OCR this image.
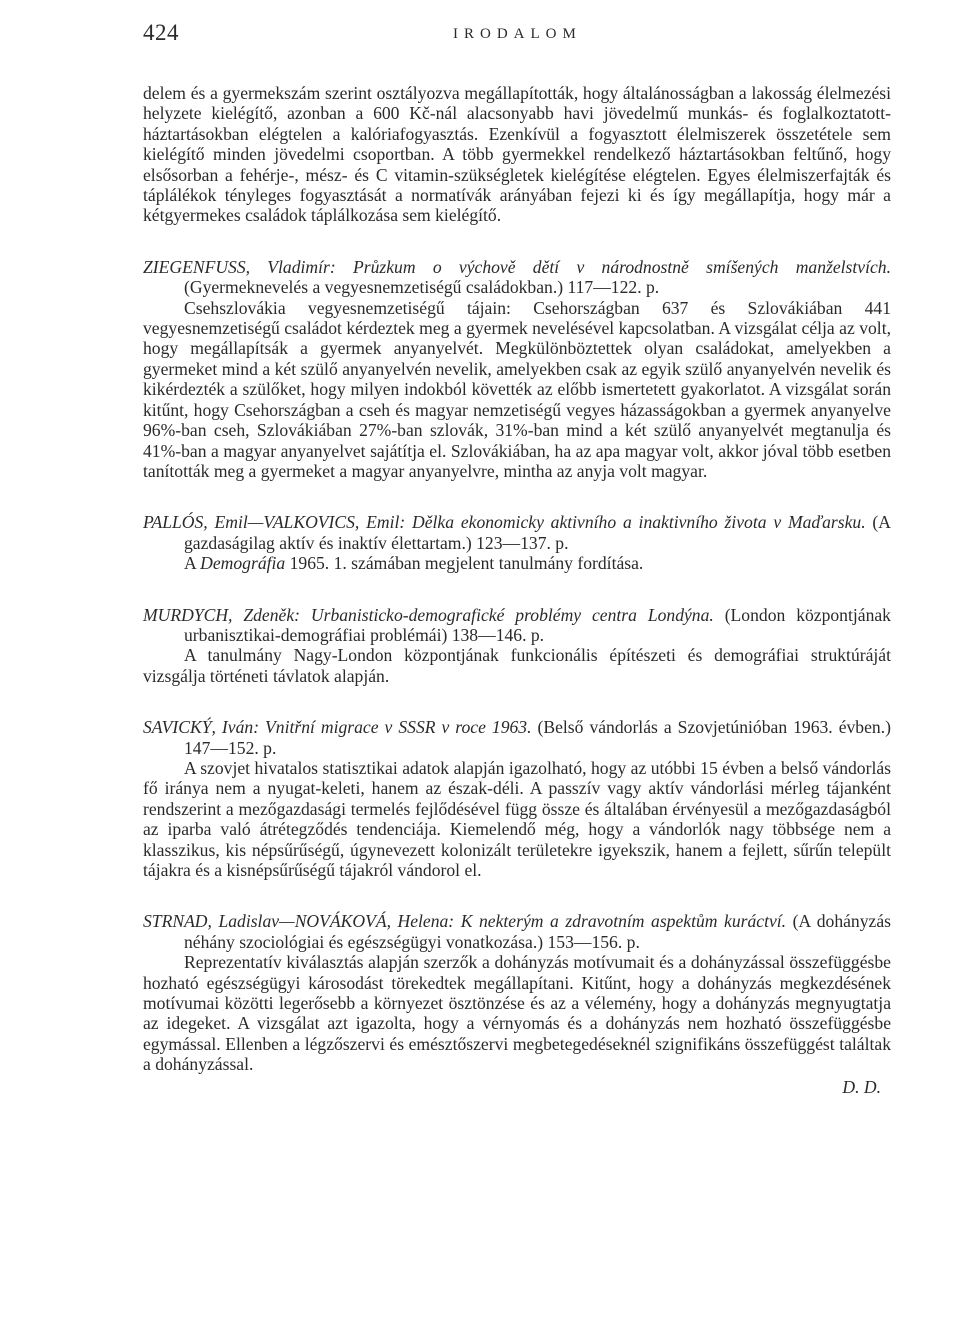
424	IRODALOM

delem és a gyermekszám szerint osztályozva megállapították, hogy általánosságban a lakosság élelmezési helyzete kielégítő, azonban a 600 Kč-nál alacsonyabb havi jövedelmű munkás- és foglalkoztatott-háztartásokban elégtelen a kalóriafogyasztás. Ezenkívül a fogyasztott élelmiszerek összetétele sem kielégítő minden jövedelmi csoportban. A több gyermekkel rendelkező háztartásokban feltűnő, hogy elsősorban a fehérje-, mész- és C vitamin-szükségletek kielégítése elégtelen. Egyes élelmiszerfajták és táplálékok tényleges fogyasztását a normatívák arányában fejezi ki és így megállapítja, hogy már a kétgyermekes családok táplálkozása sem kielégítő.

ZIEGENFUSS, Vladimír: Průzkum o výchově dětí v národnostně smíšených manželstvích. (Gyermeknevelés a vegyesnemzetiségű családokban.) 117—122. p.

Csehszlovákia vegyesnemzetiségű tájain: Csehországban 637 és Szlovákiában 441 vegyesnemzetiségű családot kérdeztek meg a gyermek nevelésével kapcsolatban. A vizsgálat célja az volt, hogy megállapítsák a gyermek anyanyelvét. Megkülönböztettek olyan családokat, amelyekben a gyermeket mind a két szülő anyanyelvén nevelik, amelyekben csak az egyik szülő anyanyelvén nevelik és kikérdezték a szülőket, hogy milyen indokból követték az előbb ismertetett gyakorlatot. A vizsgálat során kitűnt, hogy Csehországban a cseh és magyar nemzetiségű vegyes házasságokban a gyermek anyanyelve 96%-ban cseh, Szlovákiában 27%-ban szlovák, 31%-ban mind a két szülő anyanyelvét megtanulja és 41%-ban a magyar anyanyelvet sajátítja el. Szlovákiában, ha az apa magyar volt, akkor jóval több esetben tanították meg a gyermeket a magyar anyanyelvre, mintha az anyja volt magyar.

PALLÓS, Emil—VALKOVICS, Emil: Dělka ekonomicky aktivního a inaktivního života v Maďarsku. (A gazdaságilag aktív és inaktív élettartam.) 123—137. p.

A Demográfia 1965. 1. számában megjelent tanulmány fordítása.

MURDYCH, Zdeněk: Urbanisticko-demografické problémy centra Londýna. (London központjának urbanisztikai-demográfiai problémái) 138—146. p.

A tanulmány Nagy-London központjának funkcionális építészeti és demográfiai struktúráját vizsgálja történeti távlatok alapján.

SAVICKÝ, Iván: Vnitřní migrace v SSSR v roce 1963. (Belső vándorlás a Szovjetúnióban 1963. évben.) 147—152. p.

A szovjet hivatalos statisztikai adatok alapján igazolható, hogy az utóbbi 15 évben a belső vándorlás fő iránya nem a nyugat-keleti, hanem az észak-déli. A passzív vagy aktív vándorlási mérleg tájanként rendszerint a mezőgazdasági termelés fejlődésével függ össze és általában érvényesül a mezőgazdaságból az iparba való átrétegződés tendenciája. Kiemelendő még, hogy a vándorlók nagy többsége nem a klasszikus, kis népsűrűségű, úgynevezett kolonizált területekre igyekszik, hanem a fejlett, sűrűn települt tájakra és a kisnépsűrűségű tájakról vándorol el.

STRNAD, Ladislav—NOVÁKOVÁ, Helena: K nekterým a zdravotním aspektům kuráctví. (A dohányzás néhány szociológiai és egészségügyi vonatkozása.) 153—156. p.

Reprezentatív kiválasztás alapján szerzők a dohányzás motívumait és a dohányzással összefüggésbe hozható egészségügyi károsodást törekedtek megállapítani. Kitűnt, hogy a dohányzás megkezdésének motívumai közötti legerősebb a környezet ösztönzése és az a vélemény, hogy a dohányzás megnyugtatja az idegeket. A vizsgálat azt igazolta, hogy a vérnyomás és a dohányzás nem hozható összefüggésbe egymással. Ellenben a légzőszervi és emésztőszervi megbetegedéseknél szignifikáns összefüggést találtak a dohányzással.

D. D.
